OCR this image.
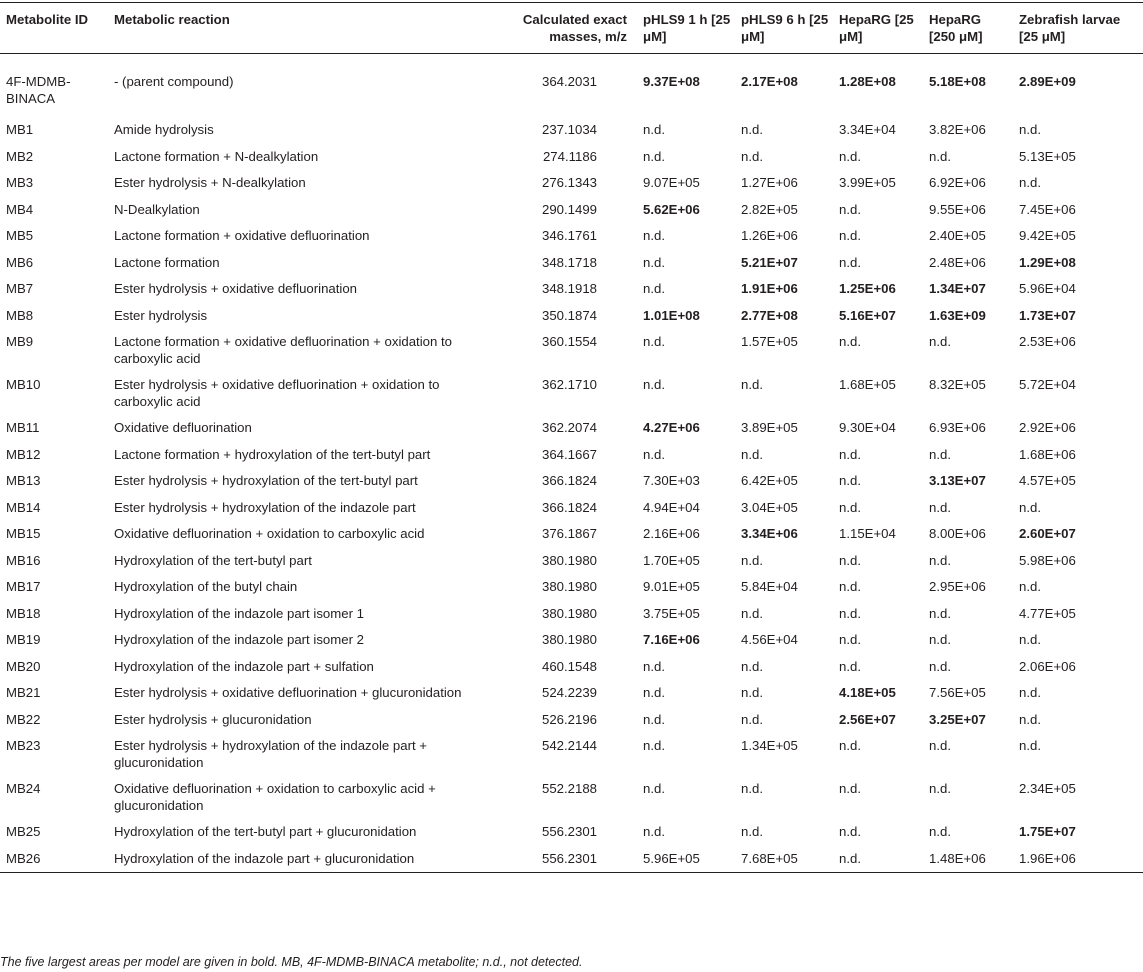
Metabolite ID	Metabolic reaction	Calculated exact masses, m/z	pHLS9 1 h [25 μM]	pHLS9 6 h [25 μM]	HepaRG [25 μM]	HepaRG [250 μM]	Zebrafish larvae [25 μM]
4F-MDMB-BINACA	- (parent compound)	364.2031	9.37E+08	2.17E+08	1.28E+08	5.18E+08	2.89E+09
MB1	Amide hydrolysis	237.1034	n.d.	n.d.	3.34E+04	3.82E+06	n.d.
MB2	Lactone formation + N-dealkylation	274.1186	n.d.	n.d.	n.d.	n.d.	5.13E+05
MB3	Ester hydrolysis + N-dealkylation	276.1343	9.07E+05	1.27E+06	3.99E+05	6.92E+06	n.d.
MB4	N-Dealkylation	290.1499	5.62E+06	2.82E+05	n.d.	9.55E+06	7.45E+06
MB5	Lactone formation + oxidative defluorination	346.1761	n.d.	1.26E+06	n.d.	2.40E+05	9.42E+05
MB6	Lactone formation	348.1718	n.d.	5.21E+07	n.d.	2.48E+06	1.29E+08
MB7	Ester hydrolysis + oxidative defluorination	348.1918	n.d.	1.91E+06	1.25E+06	1.34E+07	5.96E+04
MB8	Ester hydrolysis	350.1874	1.01E+08	2.77E+08	5.16E+07	1.63E+09	1.73E+07
MB9	Lactone formation + oxidative defluorination + oxidation to carboxylic acid	360.1554	n.d.	1.57E+05	n.d.	n.d.	2.53E+06
MB10	Ester hydrolysis + oxidative defluorination + oxidation to carboxylic acid	362.1710	n.d.	n.d.	1.68E+05	8.32E+05	5.72E+04
MB11	Oxidative defluorination	362.2074	4.27E+06	3.89E+05	9.30E+04	6.93E+06	2.92E+06
MB12	Lactone formation + hydroxylation of the tert-butyl part	364.1667	n.d.	n.d.	n.d.	n.d.	1.68E+06
MB13	Ester hydrolysis + hydroxylation of the tert-butyl part	366.1824	7.30E+03	6.42E+05	n.d.	3.13E+07	4.57E+05
MB14	Ester hydrolysis + hydroxylation of the indazole part	366.1824	4.94E+04	3.04E+05	n.d.	n.d.	n.d.
MB15	Oxidative defluorination + oxidation to carboxylic acid	376.1867	2.16E+06	3.34E+06	1.15E+04	8.00E+06	2.60E+07
MB16	Hydroxylation of the tert-butyl part	380.1980	1.70E+05	n.d.	n.d.	n.d.	5.98E+06
MB17	Hydroxylation of the butyl chain	380.1980	9.01E+05	5.84E+04	n.d.	2.95E+06	n.d.
MB18	Hydroxylation of the indazole part isomer 1	380.1980	3.75E+05	n.d.	n.d.	n.d.	4.77E+05
MB19	Hydroxylation of the indazole part isomer 2	380.1980	7.16E+06	4.56E+04	n.d.	n.d.	n.d.
MB20	Hydroxylation of the indazole part + sulfation	460.1548	n.d.	n.d.	n.d.	n.d.	2.06E+06
MB21	Ester hydrolysis + oxidative defluorination + glucuronidation	524.2239	n.d.	n.d.	4.18E+05	7.56E+05	n.d.
MB22	Ester hydrolysis + glucuronidation	526.2196	n.d.	n.d.	2.56E+07	3.25E+07	n.d.
MB23	Ester hydrolysis + hydroxylation of the indazole part + glucuronidation	542.2144	n.d.	1.34E+05	n.d.	n.d.	n.d.
MB24	Oxidative defluorination + oxidation to carboxylic acid + glucuronidation	552.2188	n.d.	n.d.	n.d.	n.d.	2.34E+05
MB25	Hydroxylation of the tert-butyl part + glucuronidation	556.2301	n.d.	n.d.	n.d.	n.d.	1.75E+07
MB26	Hydroxylation of the indazole part + glucuronidation	556.2301	5.96E+05	7.68E+05	n.d.	1.48E+06	1.96E+06
The five largest areas per model are given in bold. MB, 4F-MDMB-BINACA metabolite; n.d., not detected.
